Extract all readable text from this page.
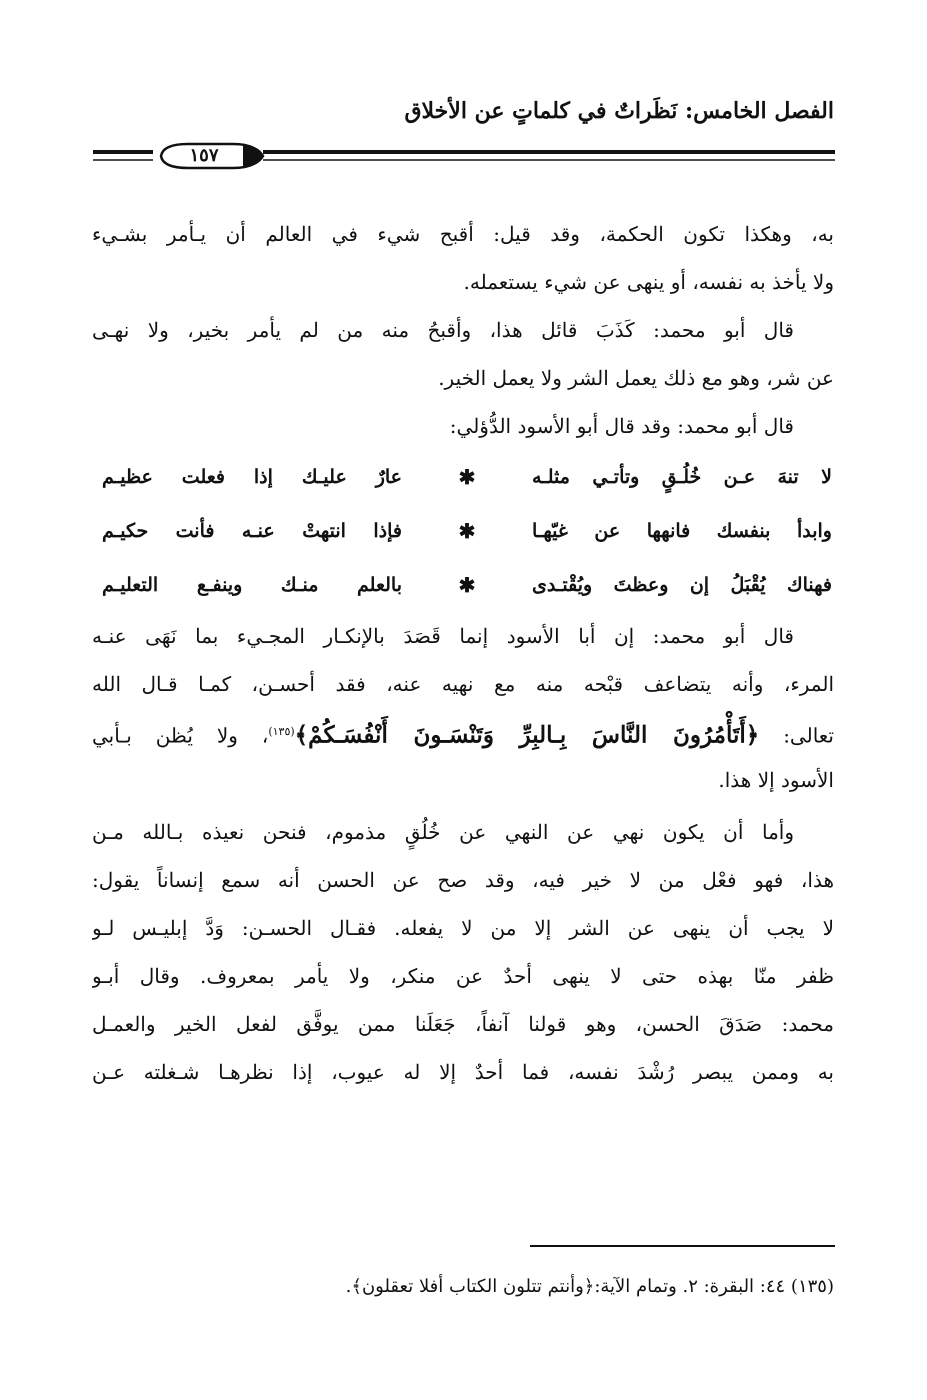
الفصل الخامس: نَظَراتٌ في كلماتٍ عن الأخلاق
١٥٧
به، وهكذا تكون الحكمة، وقد قيل: أقبح شيء في العالم أن يـأمر بشـيء
ولا يأخذ به نفسه، أو ينهى عن شيء يستعمله.
قال أبو محمد: كَذَبَ قائل هذا، وأقبحُ منه من لم يأمر بخير، ولا نهـى
عن شر، وهو مع ذلك يعمل الشر ولا يعمل الخير.
قال أبو محمد: وقد قال أبو الأسود الدُّؤلي:
لا تنهَ عـن خُلُـقٍ وتأتـي مثلـه
✱
عارٌ عليـك إذا فعلت عظيـم
وابدأ بنفسك فانهها عن غيّهـا
✱
فإذا انتهتْ عنـه فأنت حكيـم
فهناك يُقْبَلُ إن وعظتَ ويُقْتـدى
✱
بالعلم منـك وينفـع التعليـم
قال أبو محمد: إن أبا الأسود إنما قَصَدَ بالإنكـار المجـيء بما نَهَى عنـه
المرء، وأنه يتضاعف قبْحه منه مع نهيه عنه، فقد أحسـن، كمـا قـال الله
تعالى: ﴿أَتَأْمُرُونَ النَّاسَ بِـالبِرِّ وَتَنْسَـونَ أَنْفُسَـكُمْ﴾$^{(١٣٥)}$، ولا يُظن بـأبي
الأسود إلا هذا.
وأما أن يكون نهي عن النهي عن خُلُقٍ مذموم، فنحن نعيذه بـالله مـن
هذا، فهو فعْل من لا خير فيه، وقد صح عن الحسن أنه سمع إنساناً يقول:
لا يجب أن ينهى عن الشر إلا من لا يفعله. فقـال الحسـن: وَدَّ إبليـس لـو
ظفر منّا بهذه حتى لا ينهى أحدٌ عن منكر، ولا يأمر بمعروف. وقال أبـو
محمد: صَدَقَ الحسن، وهو قولنا آنفاً، جَعَلَنا ممن يوفَّق لفعل الخير والعمـل
به وممن يبصر رُشْدَ نفسه، فما أحدٌ إلا له عيوب، إذا نظرهـا شـغلته عـن
(١٣٥) ٤٤: البقرة: ٢. وتمام الآية:﴿وأنتم تتلون الكتاب أفلا تعقلون﴾.
